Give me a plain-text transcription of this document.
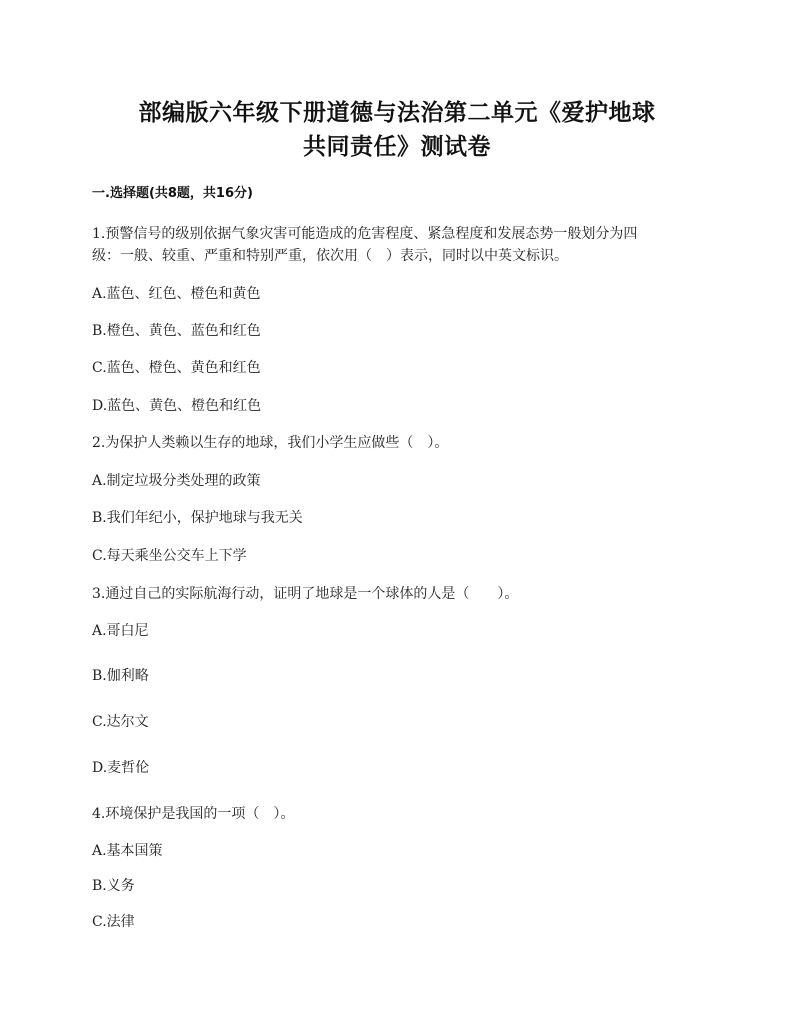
部编版六年级下册道德与法治第二单元《爱护地球
共同责任》测试卷
一.选择题(共8题，共16分)
1.预警信号的级别依据气象灾害可能造成的危害程度、紧急程度和发展态势一般划分为四
级：一般、较重、严重和特别严重，依次用（　）表示，同时以中英文标识。
A.蓝色、红色、橙色和黄色
B.橙色、黄色、蓝色和红色
C.蓝色、橙色、黄色和红色
D.蓝色、黄色、橙色和红色
2.为保护人类赖以生存的地球，我们小学生应做些（　）。
A.制定垃圾分类处理的政策
B.我们年纪小，保护地球与我无关
C.每天乘坐公交车上下学
3.通过自己的实际航海行动，证明了地球是一个球体的人是（　　）。
A.哥白尼
B.伽利略
C.达尔文
D.麦哲伦
4.环境保护是我国的一项（　）。
A.基本国策
B.义务
C.法律
